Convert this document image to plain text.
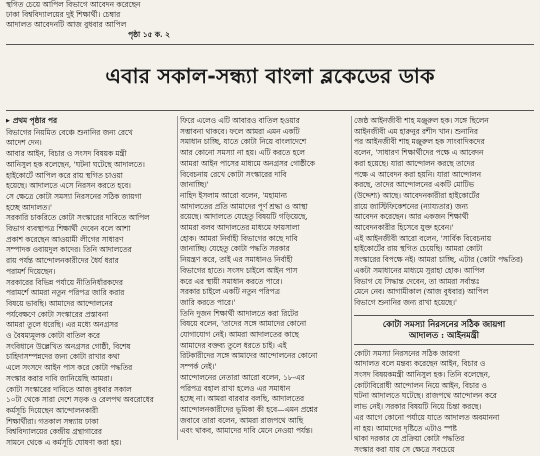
স্থগিত চেয়ে আপিল বিভাগে আবেদন করেছেন
ঢাকা বিশ্ববিদ্যালয়ের দুই শিক্ষার্থী। চেম্বার
আদালত আবেদনটি আজ বুধবার আপিল
পৃষ্ঠা ১৫ ক. ২
এবার সকাল-সন্ধ্যা বাংলা ব্লকেডের ডাক
▶ প্রথম পৃষ্ঠার পর
বিভাগের নিয়মিত বেঞ্চে শুনানির জন্য রেখে
আদেশ দেন।
আবার আইন, বিচার ও সংসদ বিষয়ক মন্ত্রী
আনিসুল হক বলেছেন, 'ঘটনা ঘটেছে আদালতে।
হাইকোর্টে আপিল করে রায় স্থগিত চাওয়া
হয়েছে। আদালতে এসে নিরসন করতে হবে।
সে ক্ষেত্রে কোটা সমস্যা নিরসনের সঠিক জায়গা
হচ্ছে আদালত।'
সরকারি চাকরিতে কোটা সংস্কারের দাবিতে আপিল
বিভাগ ব্যবস্থাপত্র শিক্ষার্থী দেবেন বলে আশা
প্রকাশ করেছেন আওয়ামী লীগের সাধারণ
সম্পাদক ওবায়দুল কাদের। তিনি আদালতের
রায় পর্যন্ত আন্দোলনকারীদের ধৈর্য ধরার
পরামর্শ দিয়েছেন।
সরকারের বিভিন্ন পর্যায়ে নীতিনির্ধারকদের
পরামর্শে আমরা নতুন পরিপত্র জারি করার
বিষয়ে ভাবছি। আমাদের আন্দোলনের
পর্যবেক্ষণে কোটা সংস্কারের প্রস্তাবনা
আমরা তুলে ধরেছি। এর মধ্যে অনগ্রসর
ও বৈষম্যমূলক কোটা বাতিল করে
সংবিধানে উল্লেখিত অনগ্রসর গোষ্ঠী, বিশেষ
চাহিদাসম্পন্নদের জন্য কোটা রাখার কথা
এলে সংসদে আইন পাস করে কোটা পদ্ধতির
সংস্কার করার দাবি জানিয়েছি আমরা।
কোটা সংস্কারের দাবিতে আজ বুধবার সকাল
১০টা থেকে সারা দেশে সড়ক ও রেলপথ অবরোধের
কর্মসূচি দিয়েছেন আন্দোলনকারী
শিক্ষার্থীরা। গতকাল সন্ধ্যায় ঢাকা
বিশ্ববিদ্যালয়ের কেন্দ্রীয় গ্রন্থাগারের
সামনে থেকে এ কর্মসূচি ঘোষণা করা হয়।
ফিরে এলেও এটি আবারও বাতিল হওয়ার
সম্ভাবনা থাকবে। ফলে আমরা এমন একটি
সমাধান চাচ্ছি, যাতে কোটা নিয়ে বাংলাদেশে
আর কোনো সমস্যা না হয়। এটি করতে হলে
আমরা আইন পাসের মাধ্যমে অনগ্রসর গোষ্ঠীকে
বিবেচনায় রেখে কোটা সংস্কারের দাবি
জানাচ্ছি।'
নাহিদ ইসলাম আরো বলেন, 'মহামান্য
আদালতের প্রতি আমাদের পূর্ণ শ্রদ্ধা ও আস্থা
রয়েছে। আদালতে যেহেতু বিষয়টি গড়িয়েছে,
আমরা বলব আদালতের মাধ্যমে ফায়সালা
হোক। আমরা নির্বাহী বিভাগের কাছে দাবি
জানাচ্ছি। যেহেতু কোটা পদ্ধতি সরকার
নিয়ন্ত্রণ করে, তাই এর সমাধানও নির্বাহী
বিভাগের হাতে। সংসদ চাইলে আইন পাস
করে এর স্থায়ী সমাধান করতে পারে।
সরকার চাইলে একটি নতুন পরিপত্র
জারি করতে পারে।'
তিনি দুজন শিক্ষার্থী আদালতে করা রিটের
বিষয়ে বলেন, 'তাদের সঙ্গে আমাদের কোনো
যোগাযোগ নেই। আমরা আদালতের কাছে
আমাদের বক্তব্য তুলে ধরতে চাই। এই
রিটকারীদের সঙ্গে আমাদের আন্দোলনের কোনো
সম্পর্ক নেই।'
আন্দোলনের নেতারা আরো বলেন, ১৮-এর
পরিপত্র বহাল রাখা হলেও এর সমাধান
হচ্ছে না। আমরা বারবার বলছি, আদালতের
আন্দোলনকারীদের ভূমিকা কী হবে—এমন প্রশ্নের
জবাবে তারা বলেন, আমরা রাজপথে আছি
এবং থাকব, আমাদের দাবি মেনে নেওয়া পর্যন্ত।
জেষ্ঠ আইনজীবী শাহ মঞ্জুরুল হক। সঙ্গে ছিলেন
আইনজীবী এম হারুনুর রশীদ খান। শুনানির
পর আইনজীবী শাহ মঞ্জুরুল হক সাংবাদিকদের
বলেন, 'সাধারণ শিক্ষার্থীদের পক্ষে এ আবেদন
করা হয়েছে। যারা আন্দোলন করছে তাদের
পক্ষে এ আবেদন করা হয়নি। যারা আন্দোলন
করছে, তাদের আন্দোলনের একটি মোটিভ
(উদ্দেশ্য) আছে। আবেদনকারীরা হাইকোর্টের
রায়ে জাস্টিফিকেশনের (ন্যায্যতার) জন্য
আবেদন করেছেন। আর একজন শিক্ষার্থী
আবেদনকারীর হিসেবে যুক্ত হবেন।'
এই আইনজীবী আরো বলেন, 'সার্বিক বিবেচনায়
হাইকোর্টের রায় স্থগিত চেয়েছি। আমরা কোটা
সংস্কারের বিপক্ষে নই। আমরা চাচ্ছি, এটার (কোটা পদ্ধতির)
একটা সমাধানের মাধ্যমে সুরাহা হোক। আপিল
বিভাগ যে সিদ্ধান্ত দেবেন, তা আমরা সর্বান্তঃ
মেনে নেব। আগামীকাল (আজ বুধবার) আপিল
বিভাগে শুনানির জন্য রাখা হয়েছে।'
কোটা সমস্যা নিরসনের সঠিক জায়গা
আদালত : আইনমন্ত্রী
কোটা সমস্যা নিরসনের সঠিক জায়গা
আদালত বলে মন্তব্য করেছেন আইন, বিচার ও
সংসদ বিষয়কমন্ত্রী আনিসুল হক। তিনি বলেছেন,
কোটাবিরোধী আন্দোলন নিয়ে আইন, বিচার ও
ঘটনা আদালতে ঘটেছে। রাজপথে আন্দোলন করে
লাভ নেই। সরকার বিষয়টি নিয়ে চিন্তা করছে।
এর আগে কোনো পর্যায়ে যাতে আদালত অবমাননা
না হয়। আমাদের দৃষ্টিতে এটাও স্পষ্ট
থাকা দরকার যে প্রক্রিয়া কোটা পদ্ধতির
সংস্কার করা যায় সে ক্ষেত্রে সবচেয়ে
